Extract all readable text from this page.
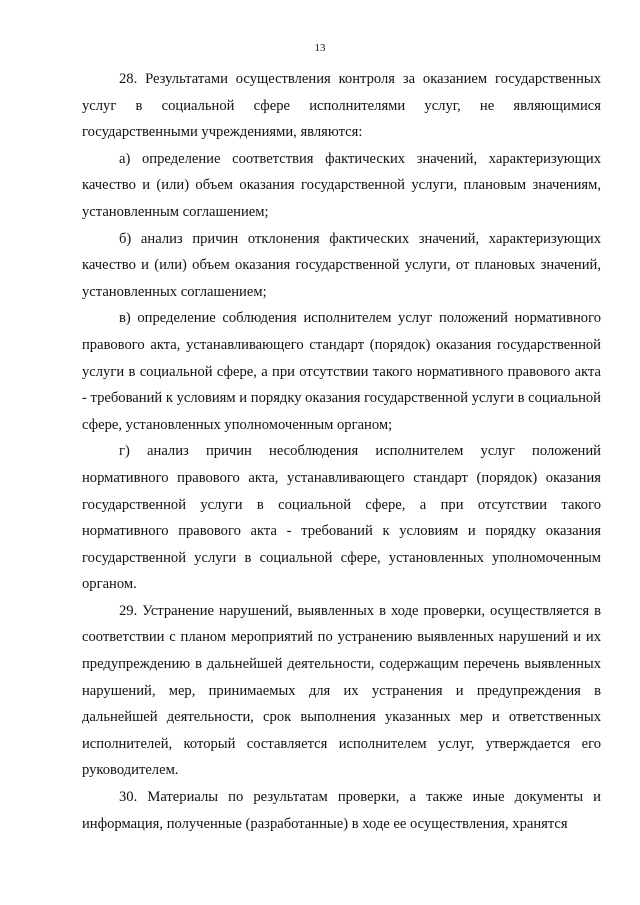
13

28. Результатами осуществления контроля за оказанием государственных услуг в социальной сфере исполнителями услуг, не являющимися государственными учреждениями, являются:

а) определение соответствия фактических значений, характеризующих качество и (или) объем оказания государственной услуги, плановым значениям, установленным соглашением;

б) анализ причин отклонения фактических значений, характеризующих качество и (или) объем оказания государственной услуги, от плановых значений, установленных соглашением;

в) определение соблюдения исполнителем услуг положений нормативного правового акта, устанавливающего стандарт (порядок) оказания государственной услуги в социальной сфере, а при отсутствии такого нормативного правового акта - требований к условиям и порядку оказания государственной услуги в социальной сфере, установленных уполномоченным органом;

г) анализ причин несоблюдения исполнителем услуг положений нормативного правового акта, устанавливающего стандарт (порядок) оказания государственной услуги в социальной сфере, а при отсутствии такого нормативного правового акта - требований к условиям и порядку оказания государственной услуги в социальной сфере, установленных уполномоченным органом.

29. Устранение нарушений, выявленных в ходе проверки, осуществляется в соответствии с планом мероприятий по устранению выявленных нарушений и их предупреждению в дальнейшей деятельности, содержащим перечень выявленных нарушений, мер, принимаемых для их устранения и предупреждения в дальнейшей деятельности, срок выполнения указанных мер и ответственных исполнителей, который составляется исполнителем услуг, утверждается его руководителем.

30. Материалы по результатам проверки, а также иные документы и информация, полученные (разработанные) в ходе ее осуществления, хранятся
